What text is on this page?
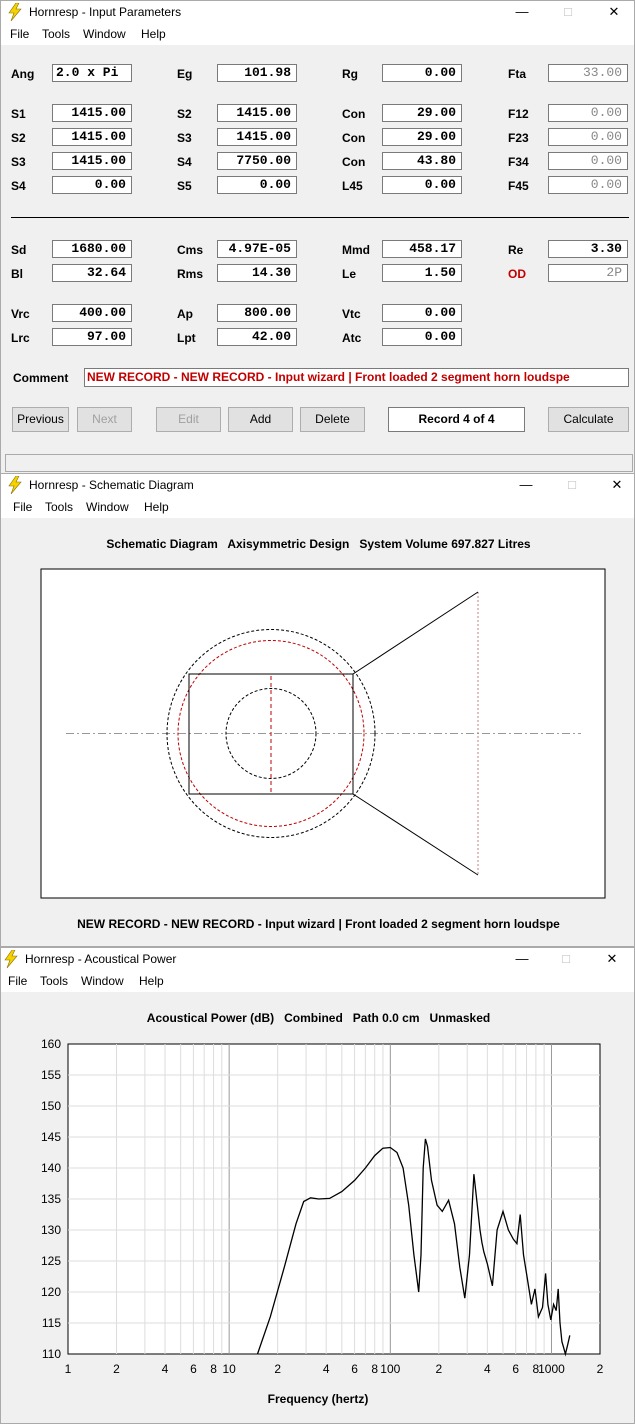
Hornresp - Input Parameters	—	□	✕
File Tools Window Help
Ang	2.0 x Pi	Eg	101.98	Rg	0.00	Fta	33.00
S1	1415.00	S2	1415.00	Con	29.00	F12	0.00
S2	1415.00	S3	1415.00	Con	29.00	F23	0.00
S3	1415.00	S4	7750.00	Con	43.80	F34	0.00
S4	0.00	S5	0.00	L45	0.00	F45	0.00
Sd	1680.00	Cms	4.97E-05	Mmd	458.17	Re	3.30
Bl	32.64	Rms	14.30	Le	1.50	OD	2P
Vrc	400.00	Ap	800.00	Vtc	0.00
Lrc	97.00	Lpt	42.00	Atc	0.00
Comment NEW RECORD - NEW RECORD - Input wizard | Front loaded 2 segment horn loudspe
Previous	Next	Edit	Add	Delete	Record 4 of 4	Calculate
Hornresp - Schematic Diagram	—	□	✕
File Tools Window Help
Schematic Diagram   Axisymmetric Design   System Volume 697.827 Litres
NEW RECORD - NEW RECORD - Input wizard | Front loaded 2 segment horn loudspe
Hornresp - Acoustical Power	—	□	✕
File Tools Window Help
Acoustical Power (dB)   Combined   Path 0.0 cm   Unmasked
110
115
120
125
130
135
140
145
150
155
160
1	2	4 6 8 10	2	4 6 8 100	2	4 6 8
1000	2
Frequency (hertz)
